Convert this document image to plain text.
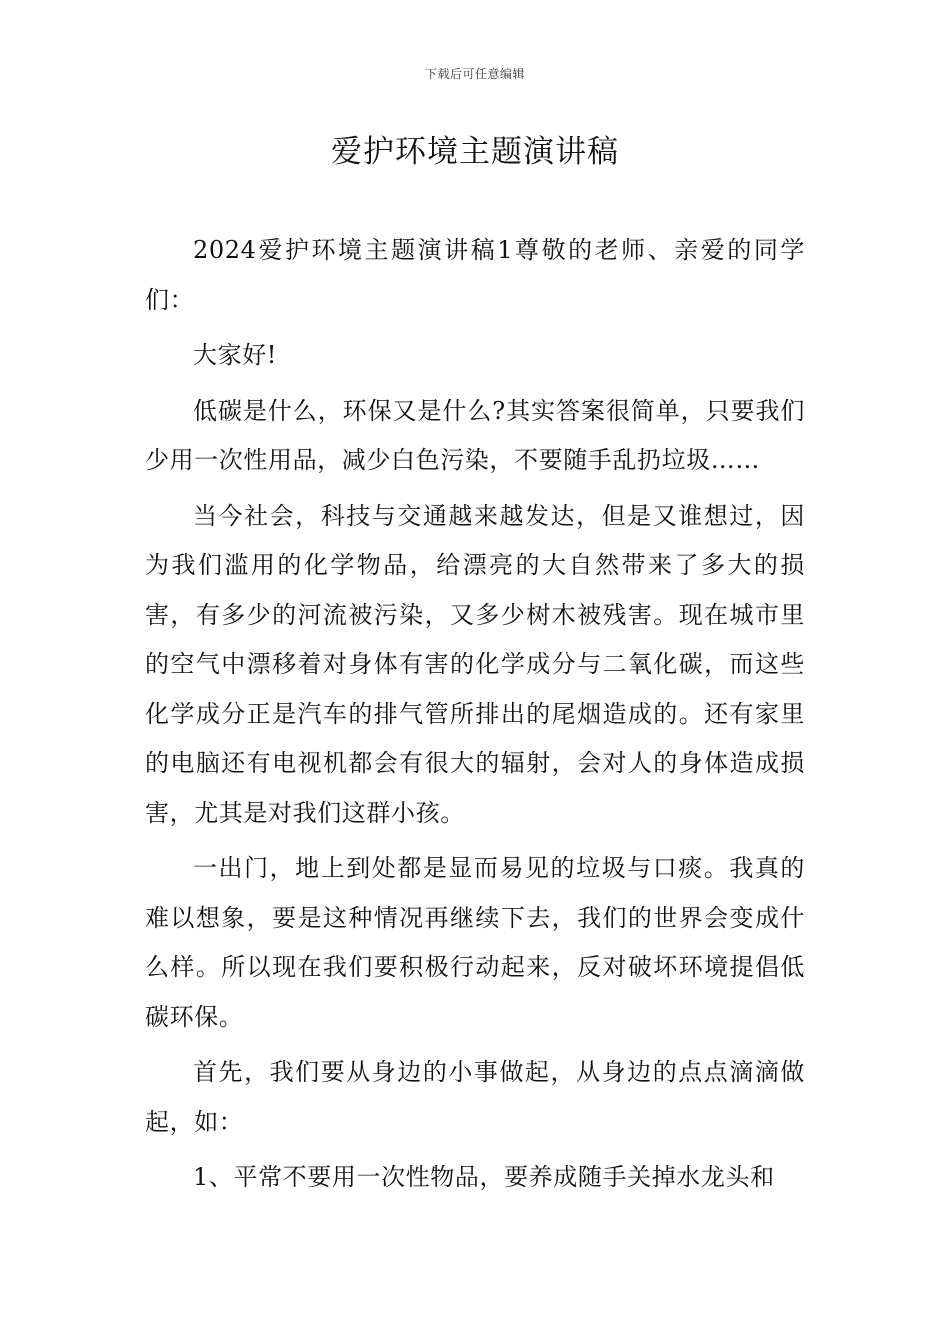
下载后可任意编辑
爱护环境主题演讲稿

2024爱护环境主题演讲稿1尊敬的老师、亲爱的同学们：

大家好!

低碳是什么，环保又是什么?其实答案很简单，只要我们少用一次性用品，减少白色污染，不要随手乱扔垃圾……

当今社会，科技与交通越来越发达，但是又谁想过，因为我们滥用的化学物品，给漂亮的大自然带来了多大的损害，有多少的河流被污染，又多少树木被残害。现在城市里的空气中漂移着对身体有害的化学成分与二氧化碳，而这些化学成分正是汽车的排气管所排出的尾烟造成的。还有家里的电脑还有电视机都会有很大的辐射，会对人的身体造成损害，尤其是对我们这群小孩。

一出门，地上到处都是显而易见的垃圾与口痰。我真的难以想象，要是这种情况再继续下去，我们的世界会变成什么样。所以现在我们要积极行动起来，反对破坏环境提倡低碳环保。

首先，我们要从身边的小事做起，从身边的点点滴滴做起，如：

1、平常不要用一次性物品，要养成随手关掉水龙头和
